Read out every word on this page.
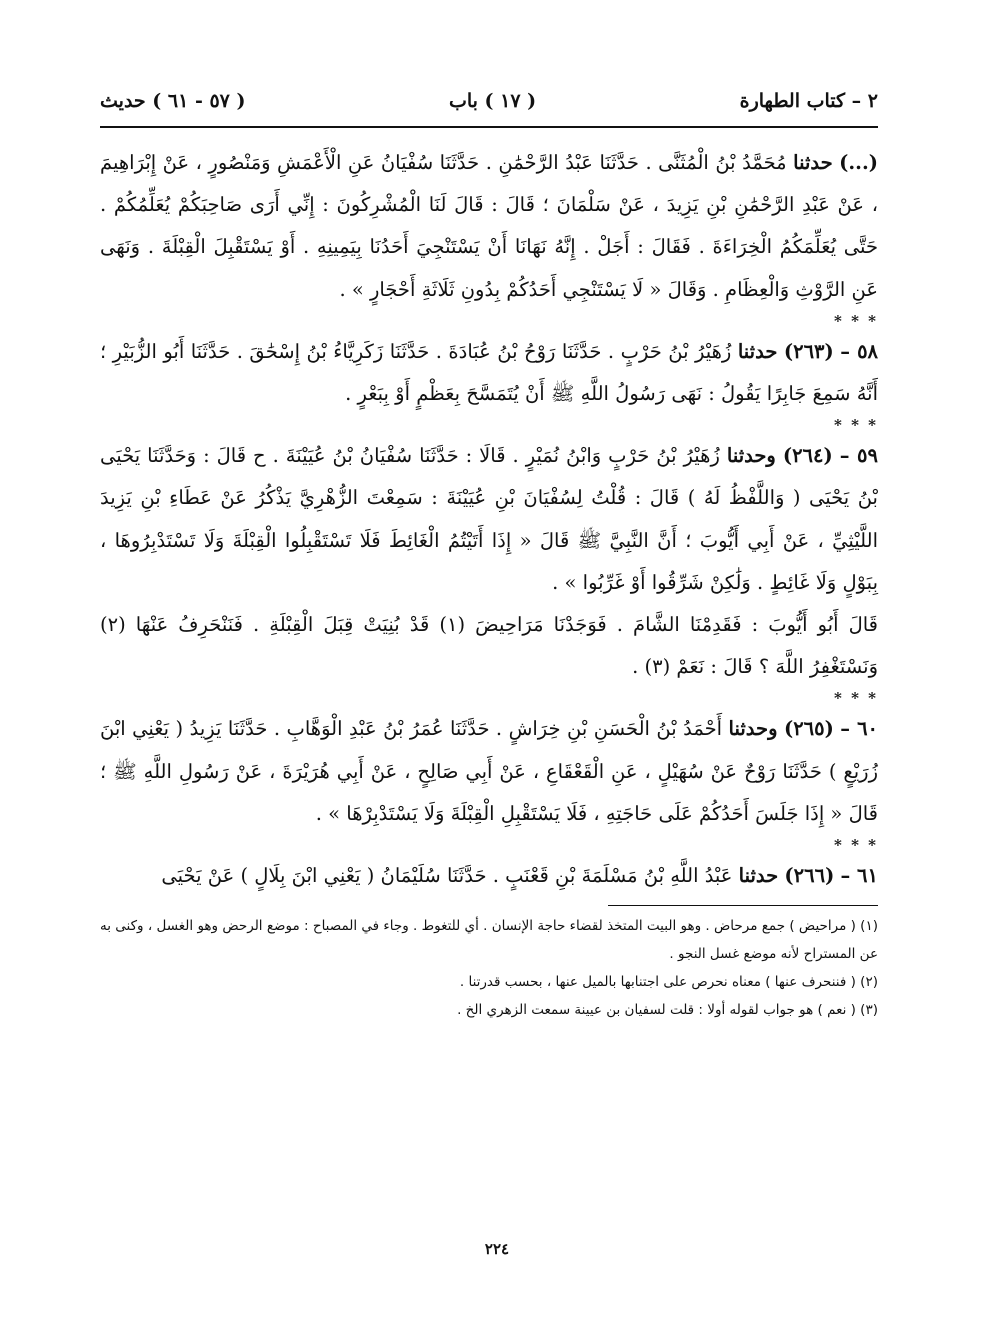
٢ – كتاب الطهارة
( ١٧ ) باب
( ٥٧ - ٦١ ) حديث

(...) حدثنا مُحَمَّدُ بْنُ الْمُثَنَّى . حَدَّثَنَا عَبْدُ الرَّحْمَٰنِ . حَدَّثَنَا سُفْيَانُ عَنِ الْأَعْمَشِ وَمَنْصُورٍ ، عَنْ إِبْرَاهِيمَ ، عَنْ عَبْدِ الرَّحْمَٰنِ بْنِ يَزِيدَ ، عَنْ سَلْمَانَ ؛ قَالَ : قَالَ لَنَا الْمُشْرِكُونَ : إِنِّي أَرَى صَاحِبَكُمْ يُعَلِّمُكُمْ . حَتَّى يُعَلِّمَكُمُ الْخِرَاءَةَ . فَقَالَ : أَجَلْ . إِنَّهُ نَهَانَا أَنْ يَسْتَنْجِيَ أَحَدُنَا بِيَمِينِهِ . أَوْ يَسْتَقْبِلَ الْقِبْلَةَ . وَنَهَى عَنِ الرَّوْثِ وَالْعِظَامِ . وَقَالَ « لَا يَسْتَنْجِي أَحَدُكُمْ بِدُونِ ثَلَاثَةِ أَحْجَارٍ » .

* * *

٥٨ – (٢٦٣) حدثنا زُهَيْرُ بْنُ حَرْبٍ . حَدَّثَنَا رَوْحُ بْنُ عُبَادَةَ . حَدَّثَنَا زَكَرِيَّاءُ بْنُ إِسْحَٰقَ . حَدَّثَنَا أَبُو الزُّبَيْرِ ؛ أَنَّهُ سَمِعَ جَابِرًا يَقُولُ : نَهَى رَسُولُ اللَّهِ ﷺ أَنْ يُتَمَسَّحَ بِعَظْمٍ أَوْ بِبَعْرٍ .

* * *

٥٩ – (٢٦٤) وحدثنا زُهَيْرُ بْنُ حَرْبٍ وَابْنُ نُمَيْرٍ . قَالَا : حَدَّثَنَا سُفْيَانُ بْنُ عُيَيْنَةَ . ح قَالَ : وَحَدَّثَنَا يَحْيَى بْنُ يَحْيَى ( وَاللَّفْظُ لَهُ ) قَالَ : قُلْتُ لِسُفْيَانَ بْنِ عُيَيْنَةَ : سَمِعْتَ الزُّهْرِيَّ يَذْكُرُ عَنْ عَطَاءِ بْنِ يَزِيدَ اللَّيْثِيِّ ، عَنْ أَبِي أَيُّوبَ ؛ أَنَّ النَّبِيَّ ﷺ قَالَ « إِذَا أَتَيْتُمُ الْغَائِطَ فَلَا تَسْتَقْبِلُوا الْقِبْلَةَ وَلَا تَسْتَدْبِرُوهَا ، بِبَوْلٍ وَلَا غَائِطٍ . وَلَٰكِنْ شَرِّقُوا أَوْ غَرِّبُوا » .

قَالَ أَبُو أَيُّوبَ : فَقَدِمْنَا الشَّامَ . فَوَجَدْنَا مَرَاحِيضَ (١) قَدْ بُنِيَتْ قِبَلَ الْقِبْلَةِ . فَنَنْحَرِفُ عَنْهَا (٢) وَنَسْتَغْفِرُ اللَّهَ ؟ قَالَ : نَعَمْ (٣) .

* * *

٦٠ – (٢٦٥) وحدثنا أَحْمَدُ بْنُ الْحَسَنِ بْنِ خِرَاشٍ . حَدَّثَنَا عُمَرُ بْنُ عَبْدِ الْوَهَّابِ . حَدَّثَنَا يَزِيدُ ( يَعْنِي ابْنَ زُرَيْعٍ ) حَدَّثَنَا رَوْحٌ عَنْ سُهَيْلٍ ، عَنِ الْقَعْقَاعِ ، عَنْ أَبِي صَالِحٍ ، عَنْ أَبِي هُرَيْرَةَ ، عَنْ رَسُولِ اللَّهِ ﷺ ؛ قَالَ « إِذَا جَلَسَ أَحَدُكُمْ عَلَى حَاجَتِهِ ، فَلَا يَسْتَقْبِلِ الْقِبْلَةَ وَلَا يَسْتَدْبِرْهَا » .

* * *

٦١ – (٢٦٦) حدثنا عَبْدُ اللَّهِ بْنُ مَسْلَمَةَ بْنِ قَعْنَبٍ . حَدَّثَنَا سُلَيْمَانُ ( يَعْنِي ابْنَ بِلَالٍ ) عَنْ يَحْيَى

(١) ( مراحيض ) جمع مرحاض . وهو البيت المتخذ لقضاء حاجة الإنسان . أي للتغوط . وجاء في المصباح : موضع الرحض وهو الغسل ، وكنى به عن المستراح لأنه موضع غسل النجو .

(٢) ( فننحرف عنها ) معناه نحرص على اجتنابها بالميل عنها ، بحسب قدرتنا .

(٣) ( نعم ) هو جواب لقوله أولا : قلت لسفيان بن عيينة سمعت الزهري الخ .

٢٢٤
